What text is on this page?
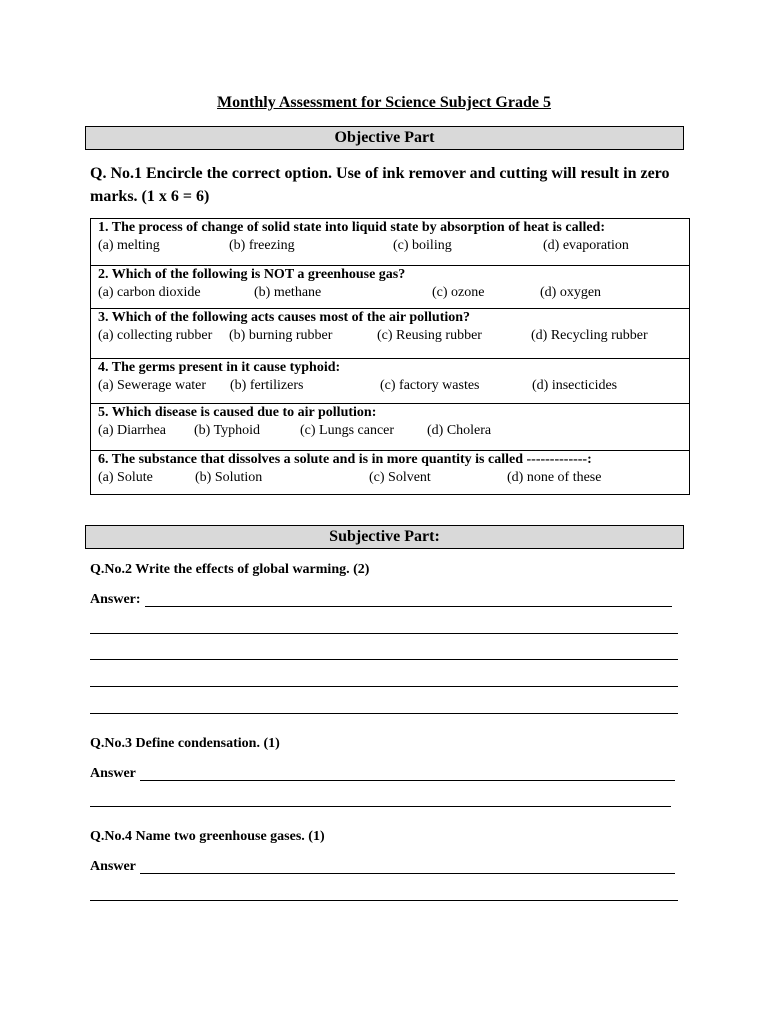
Monthly Assessment for Science Subject Grade 5
Objective Part
Q. No.1 Encircle the correct option. Use of ink remover and cutting will result in zero marks. (1 x 6 = 6)
1. The process of change of solid state into liquid state by absorption of heat is called:
(a) melting	(b) freezing	(c) boiling	(d) evaporation
2. Which of the following is NOT a greenhouse gas?
(a) carbon dioxide	(b) methane	(c) ozone	(d) oxygen
3. Which of the following acts causes most of the air pollution?
(a) collecting rubber (b) burning rubber	(c) Reusing rubber	(d) Recycling rubber
4. The germs present in it cause typhoid:
(a) Sewerage water (b) fertilizers	(c) factory wastes	(d) insecticides
5. Which disease is caused due to air pollution:
(a) Diarrhea (b) Typhoid	(c) Lungs cancer (d) Cholera
6. The substance that dissolves a solute and is in more quantity is called -------------:
(a) Solute	(b) Solution	(c) Solvent	(d) none of these
Subjective Part:
Q.No.2 Write the effects of global warming. (2)
Answer:
Q.No.3 Define condensation. (1)
Answer
Q.No.4 Name two greenhouse gases. (1)
Answer
